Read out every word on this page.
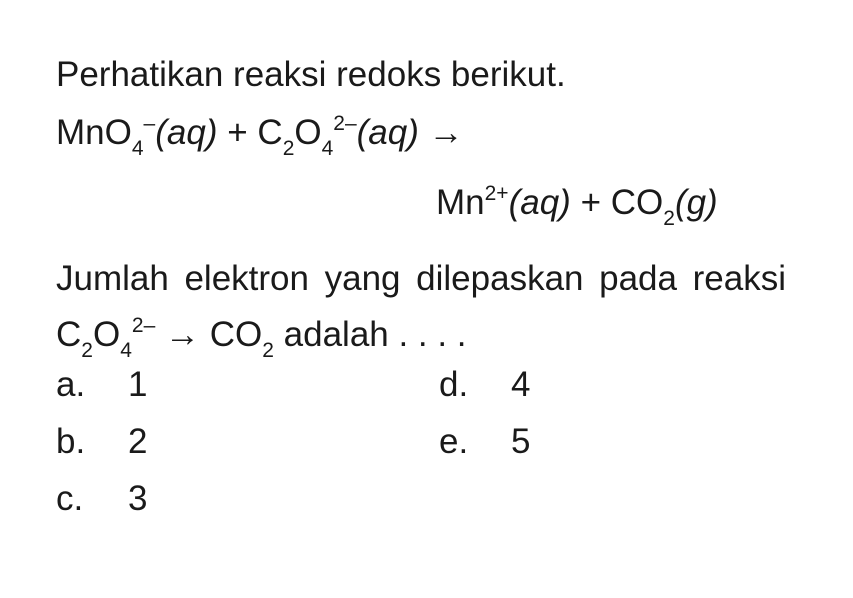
Perhatikan reaksi redoks berikut.
$MnO_4^-(aq) + C_2O_4^{2-}(aq)$ →
$Mn^{2+}(aq) + CO_2(g)$
Jumlah elektron yang dilepaskan pada reaksi $C_2O_4^{2-} \to CO_2$ adalah . . . .
a. 1
b. 2
c. 3
d. 4
e. 5
